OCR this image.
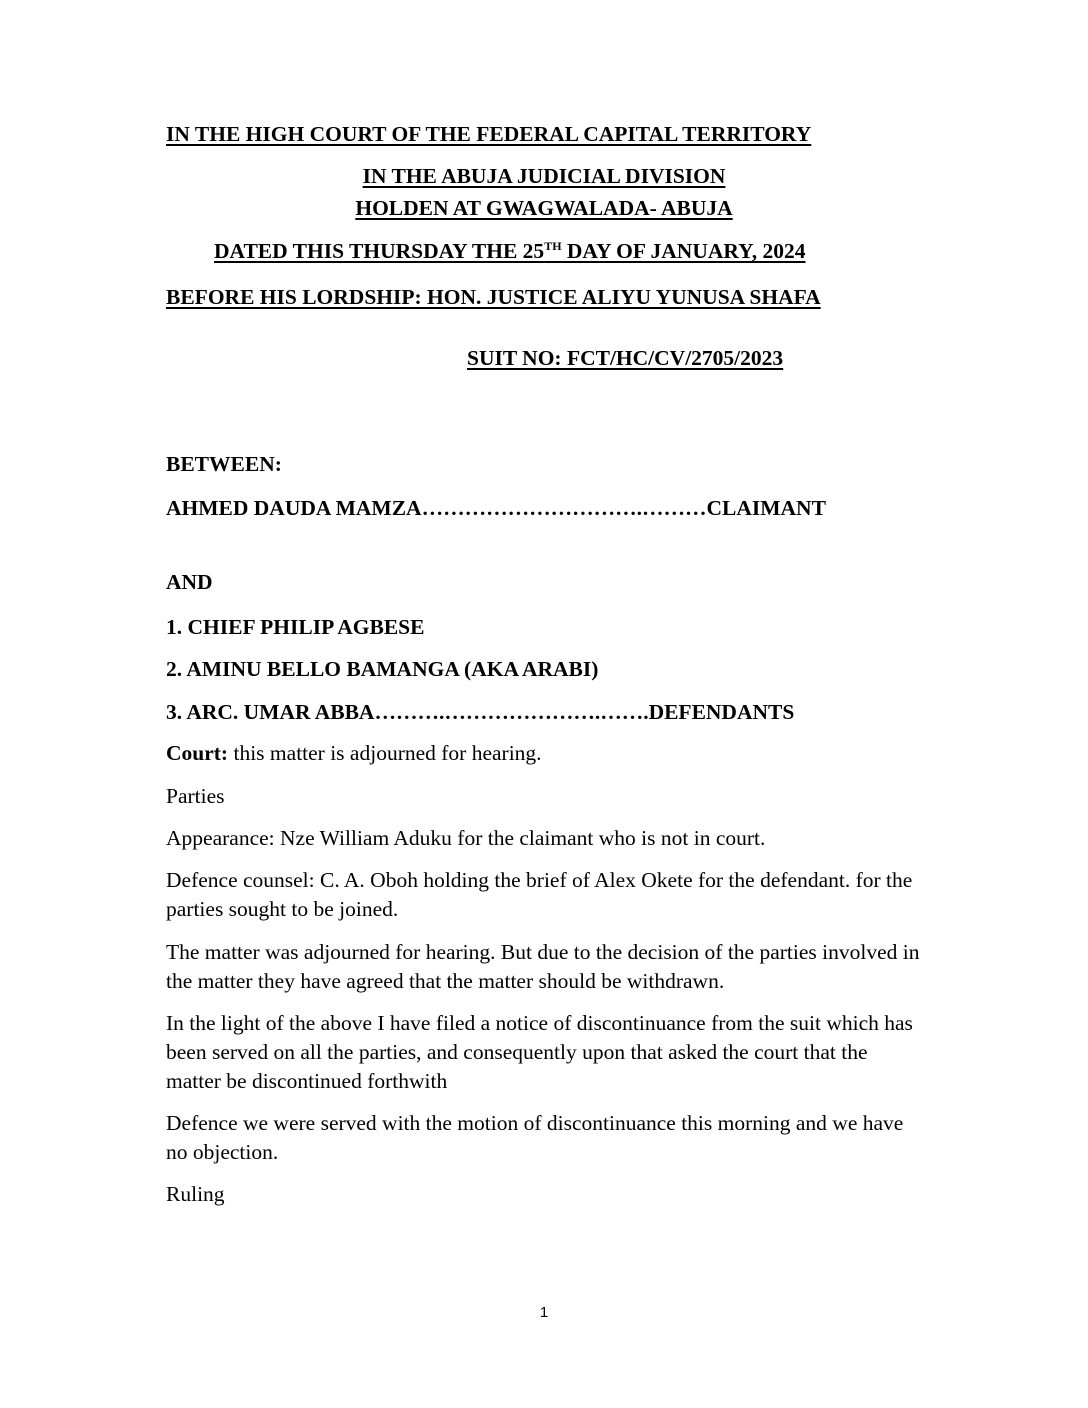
IN THE HIGH COURT OF THE FEDERAL CAPITAL TERRITORY
IN THE ABUJA JUDICIAL DIVISION
HOLDEN AT GWAGWALADA- ABUJA
DATED THIS THURSDAY THE 25TH DAY OF JANUARY, 2024
BEFORE HIS LORDSHIP: HON. JUSTICE ALIYU YUNUSA SHAFA
SUIT NO: FCT/HC/CV/2705/2023
BETWEEN:
AHMED DAUDA MAMZA………………………….………CLAIMANT
AND
1. CHIEF PHILIP AGBESE
2. AMINU BELLO BAMANGA (AKA ARABI)
3. ARC. UMAR ABBA……….………………….…….DEFENDANTS
Court: this matter is adjourned for hearing.
Parties
Appearance: Nze William Aduku for the claimant who is not in court.
Defence counsel: C. A. Oboh holding the brief of Alex Okete for the defendant. for the parties sought to be joined.
The matter was adjourned for hearing. But due to the decision of the parties involved in the matter they have agreed that the matter should be withdrawn.
In the light of the above I have filed a notice of discontinuance from the suit which has been served on all the parties, and consequently upon that asked the court that the matter be discontinued forthwith
Defence we were served with the motion of discontinuance this morning and we have no objection.
Ruling
1
